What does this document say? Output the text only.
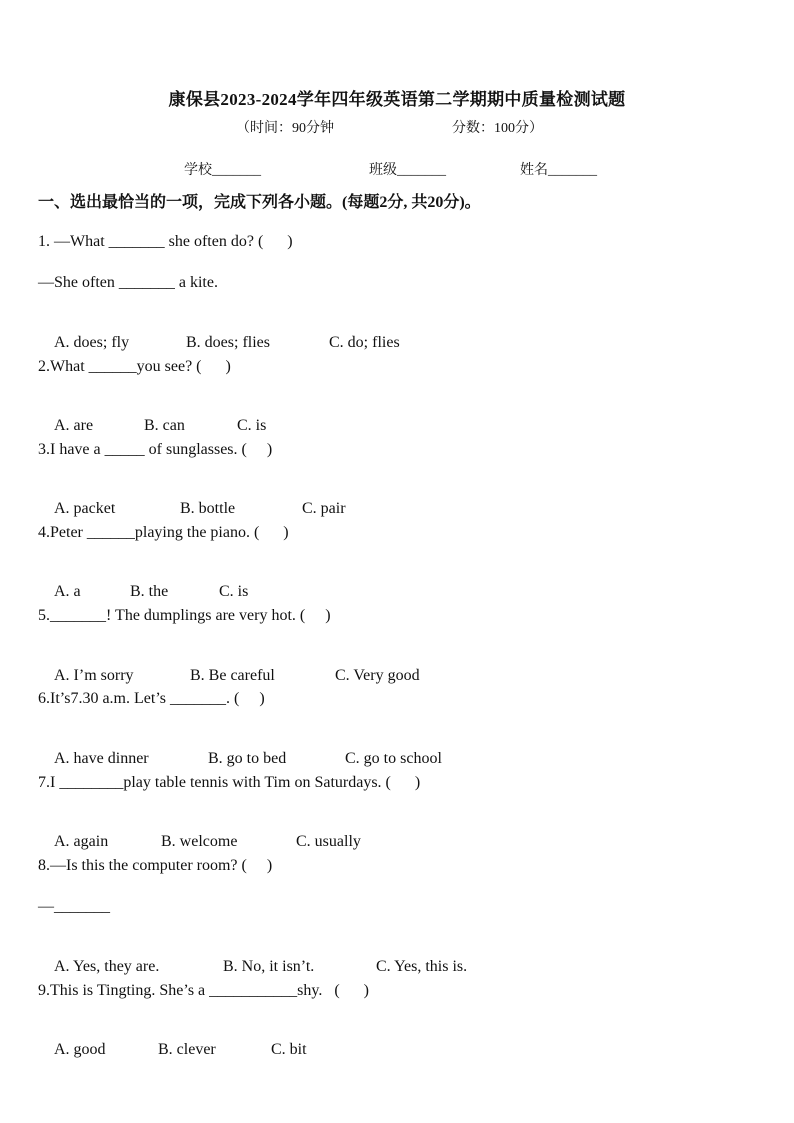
康保县2023-2024学年四年级英语第二学期期中质量检测试题
（时间：90分钟	分数：100分）
学校_______	班级_______	姓名_______
一、选出最恰当的一项，完成下列各小题。(每题2分, 共20分)。
1. —What _______ she often do? (      )
—She often _______ a kite.

A. does; fly	B. does; flies	C. do; flies

2.What ______you see? (      )

A. are	B. can	C. is

3.I have a _____ of sunglasses. (     )

A. packet	B. bottle	C. pair

4.Peter ______playing the piano. (      )

A. a	B. the	C. is

5._______! The dumplings are very hot. (     )

A. I’m sorry	B. Be careful	C. Very good

6.It’s7.30 a.m. Let’s _______. (     )

A. have dinner	B. go to bed	C. go to school

7.I ________play table tennis with Tim on Saturdays. (      )

A. again	B. welcome	C. usually

8.—Is this the computer room? (     )
—_______

A. Yes, they are.	B. No, it isn’t.	C. Yes, this is.

9.This is Tingting. She’s a ___________shy.   (      )

A. good	B. clever	C. bit
